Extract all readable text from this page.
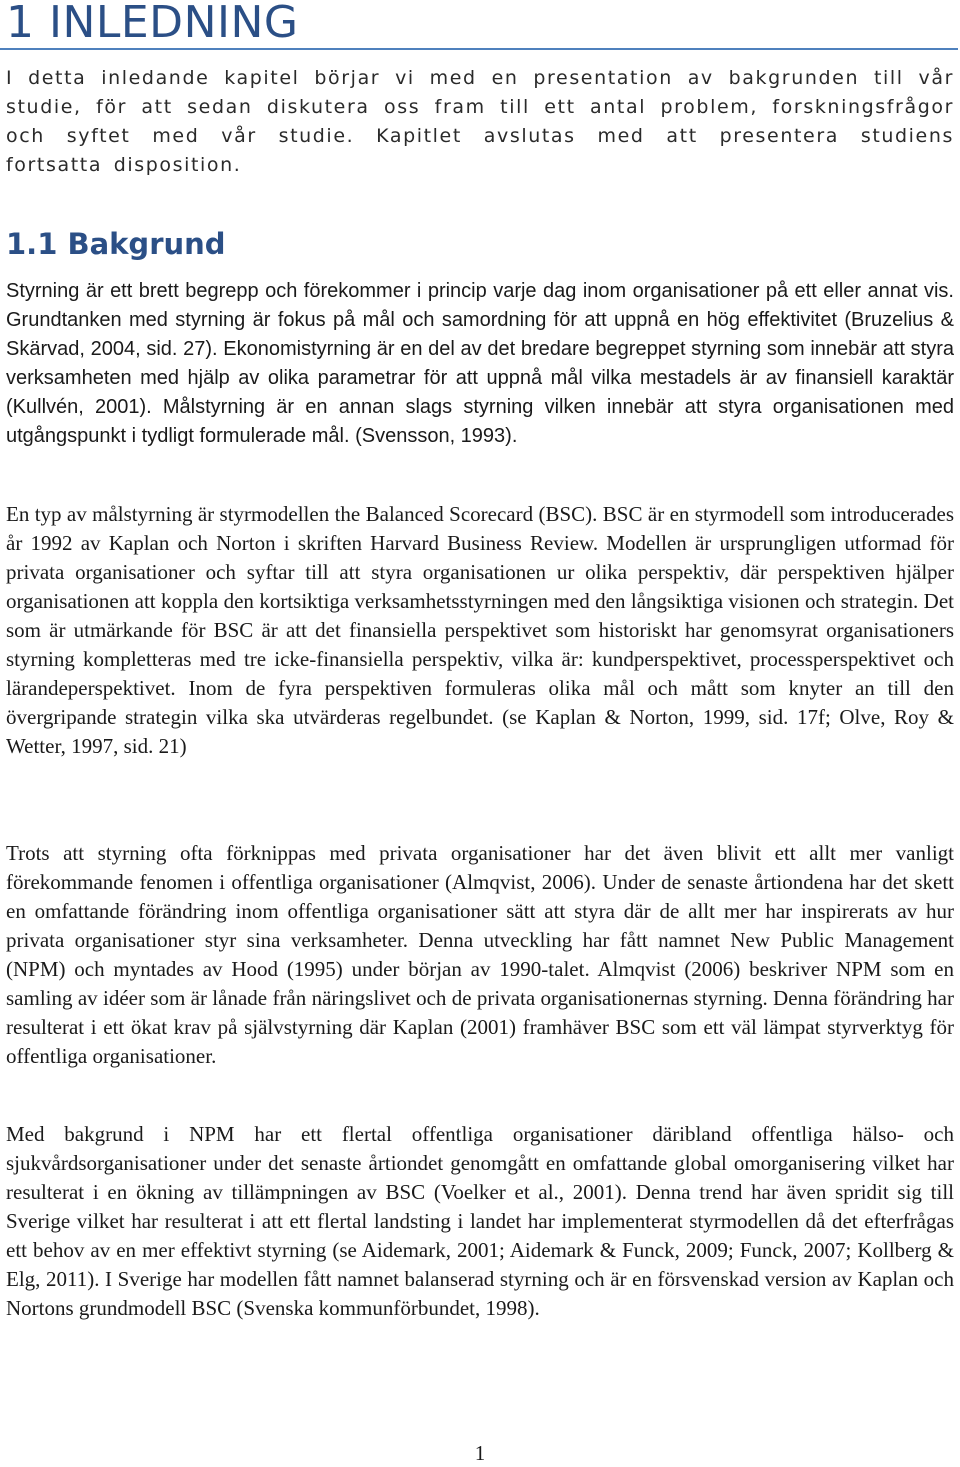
1 INLEDNING

I detta inledande kapitel börjar vi med en presentation av bakgrunden till vår studie, för att sedan diskutera oss fram till ett antal problem, forskningsfrågor och syftet med vår studie. Kapitlet avslutas med att presentera studiens fortsatta disposition.

1.1 Bakgrund

Styrning är ett brett begrepp och förekommer i princip varje dag inom organisationer på ett eller annat vis. Grundtanken med styrning är fokus på mål och samordning för att uppnå en hög effektivitet (Bruzelius & Skärvad, 2004, sid. 27). Ekonomistyrning är en del av det bredare begreppet styrning som innebär att styra verksamheten med hjälp av olika parametrar för att uppnå mål vilka mestadels är av finansiell karaktär (Kullvén, 2001). Målstyrning är en annan slags styrning vilken innebär att styra organisationen med utgångspunkt i tydligt formulerade mål. (Svensson, 1993).

En typ av målstyrning är styrmodellen the Balanced Scorecard (BSC). BSC är en styrmodell som introducerades år 1992 av Kaplan och Norton i skriften Harvard Business Review. Modellen är ursprungligen utformad för privata organisationer och syftar till att styra organisationen ur olika perspektiv, där perspektiven hjälper organisationen att koppla den kortsiktiga verksamhetsstyrningen med den långsiktiga visionen och strategin. Det som är utmärkande för BSC är att det finansiella perspektivet som historiskt har genomsyrat organisationers styrning kompletteras med tre icke-finansiella perspektiv, vilka är: kundperspektivet, processperspektivet och lärandeperspektivet. Inom de fyra perspektiven formuleras olika mål och mått som knyter an till den övergripande strategin vilka ska utvärderas regelbundet. (se Kaplan & Norton, 1999, sid. 17f; Olve, Roy & Wetter, 1997, sid. 21)

Trots att styrning ofta förknippas med privata organisationer har det även blivit ett allt mer vanligt förekommande fenomen i offentliga organisationer (Almqvist, 2006). Under de senaste årtiondena har det skett en omfattande förändring inom offentliga organisationer sätt att styra där de allt mer har inspirerats av hur privata organisationer styr sina verksamheter. Denna utveckling har fått namnet New Public Management (NPM) och myntades av Hood (1995) under början av 1990-talet. Almqvist (2006) beskriver NPM som en samling av idéer som är lånade från näringslivet och de privata organisationernas styrning. Denna förändring har resulterat i ett ökat krav på självstyrning där Kaplan (2001) framhäver BSC som ett väl lämpat styrverktyg för offentliga organisationer.

Med bakgrund i NPM har ett flertal offentliga organisationer däribland offentliga hälso- och sjukvårdsorganisationer under det senaste årtiondet genomgått en omfattande global omorganisering vilket har resulterat i en ökning av tillämpningen av BSC (Voelker et al., 2001). Denna trend har även spridit sig till Sverige vilket har resulterat i att ett flertal landsting i landet har implementerat styrmodellen då det efterfrågas ett behov av en mer effektivt styrning (se Aidemark, 2001; Aidemark & Funck, 2009; Funck, 2007; Kollberg & Elg, 2011). I Sverige har modellen fått namnet balanserad styrning och är en försvenskad version av Kaplan och Nortons grundmodell BSC (Svenska kommunförbundet, 1998).

1
